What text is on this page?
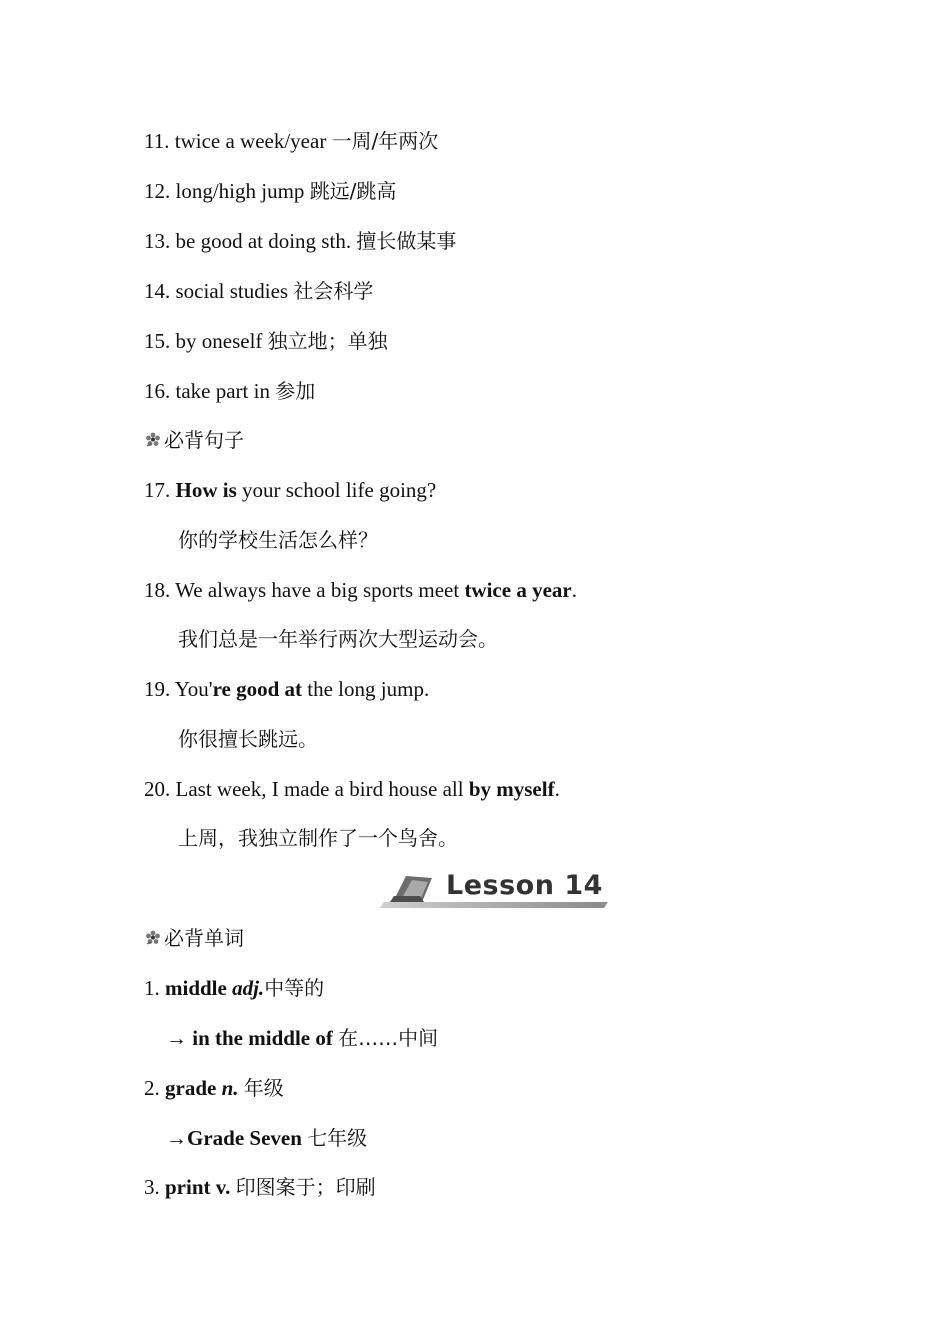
11. twice a week/year 一周/年两次
12. long/high jump 跳远/跳高
13. be good at doing sth. 擅长做某事
14. social studies 社会科学
15. by oneself 独立地；单独
16. take part in 参加
必背句子
17. How is your school life going?
你的学校生活怎么样？
18. We always have a big sports meet twice a year.
我们总是一年举行两次大型运动会。
19. You're good at the long jump.
你很擅长跳远。
20. Last week, I made a bird house all by myself.
上周，我独立制作了一个鸟舍。
Lesson 14
必背单词
1. middle adj.中等的
→ in the middle of 在……中间
2. grade n. 年级
→Grade Seven 七年级
3. print v. 印图案于；印刷
